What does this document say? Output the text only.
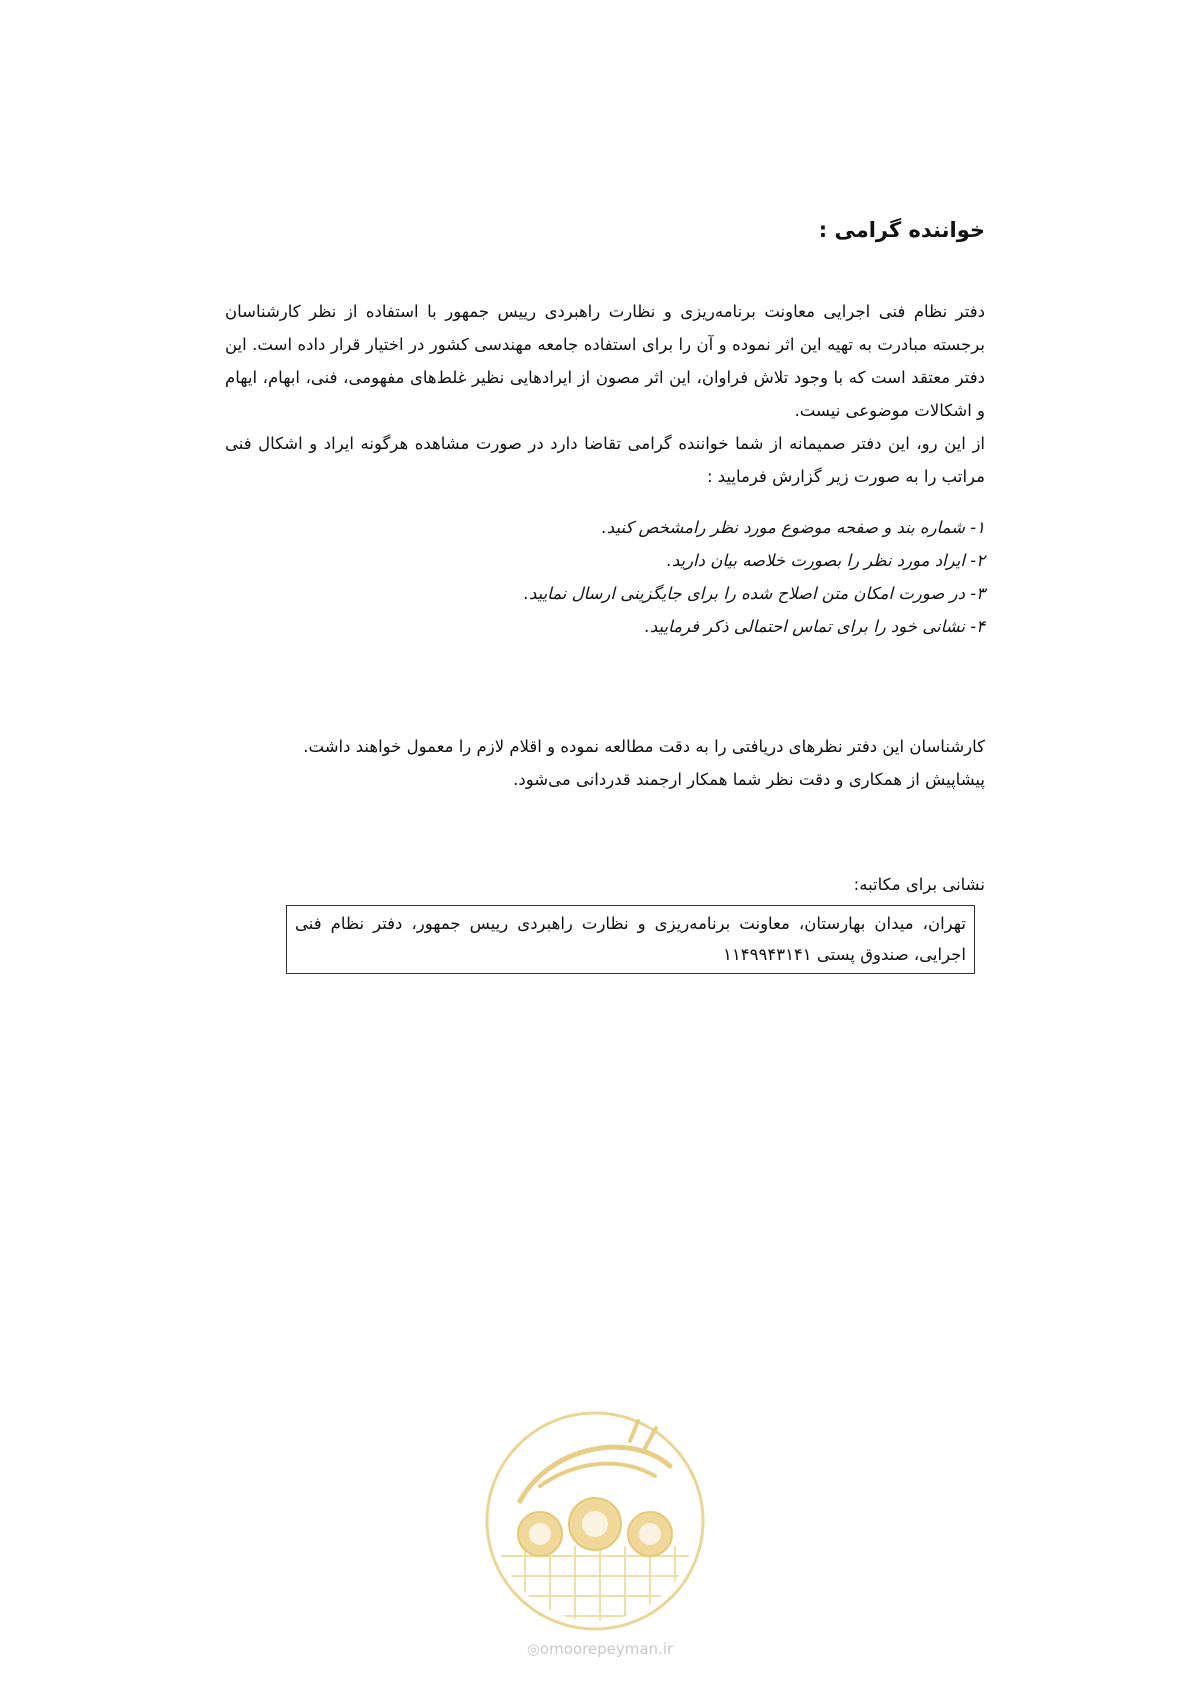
خواننده گرامی :

دفتر نظام فنی اجرایی معاونت برنامه‌ریزی و نظارت راهبردی رییس جمهور با استفاده از نظر کارشناسان برجسته مبادرت به تهیه این اثر نموده و آن را برای استفاده جامعه مهندسی کشور در اختیار قرار داده است. این دفتر معتقد است که با وجود تلاش فراوان، این اثر مصون از ایرادهایی نظیر غلط‌های مفهومی، فنی، ابهام، ایهام و اشکالات موضوعی نیست.

از این رو، این دفتر صمیمانه از شما خواننده گرامی تقاضا دارد در صورت مشاهده هرگونه ایراد و اشکال فنی مراتب را به صورت زیر گزارش فرمایید :

۱- شماره بند و صفحه موضوع مورد نظر رامشخص کنید.
۲- ایراد مورد نظر را بصورت خلاصه بیان دارید.
۳- در صورت امکان متن اصلاح شده را برای جایگزینی ارسال نمایید.
۴- نشانی خود را برای تماس احتمالی ذکر فرمایید.

کارشناسان این دفتر نظرهای دریافتی را به دقت مطالعه نموده و اقلام لازم را معمول خواهند داشت.

پیشاپیش از همکاری و دقت نظر شما همکار ارجمند قدردانی می‌شود.

نشانی برای مکاتبه:
تهران، میدان بهارستان، معاونت برنامه‌ریزی و نظارت راهبردی رییس جمهور، دفتر نظام فنی اجرایی، صندوق پستی ۱۱۴۹۹۴۳۱۴۱
◎omoorepeyman.ir
